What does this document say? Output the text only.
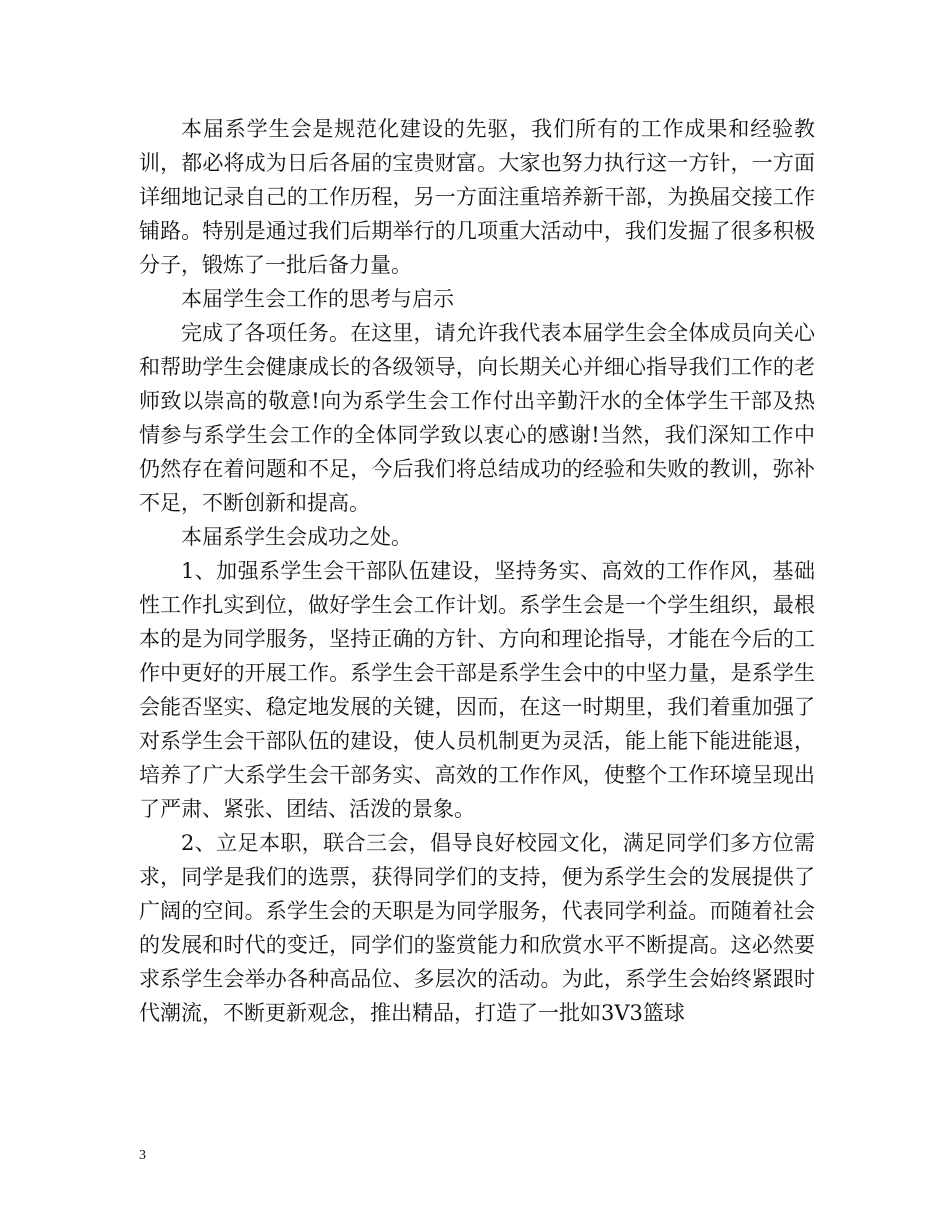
本届系学生会是规范化建设的先驱，我们所有的工作成果和经验教训，都必将成为日后各届的宝贵财富。大家也努力执行这一方针，一方面详细地记录自己的工作历程，另一方面注重培养新干部，为换届交接工作铺路。特别是通过我们后期举行的几项重大活动中，我们发掘了很多积极分子，锻炼了一批后备力量。

本届学生会工作的思考与启示

完成了各项任务。在这里，请允许我代表本届学生会全体成员向关心和帮助学生会健康成长的各级领导，向长期关心并细心指导我们工作的老师致以崇高的敬意!向为系学生会工作付出辛勤汗水的全体学生干部及热情参与系学生会工作的全体同学致以衷心的感谢!当然，我们深知工作中仍然存在着问题和不足，今后我们将总结成功的经验和失败的教训，弥补不足，不断创新和提高。

本届系学生会成功之处。

1、加强系学生会干部队伍建设，坚持务实、高效的工作作风，基础性工作扎实到位，做好学生会工作计划。系学生会是一个学生组织，最根本的是为同学服务，坚持正确的方针、方向和理论指导，才能在今后的工作中更好的开展工作。系学生会干部是系学生会中的中坚力量，是系学生会能否坚实、稳定地发展的关键，因而，在这一时期里，我们着重加强了对系学生会干部队伍的建设，使人员机制更为灵活，能上能下能进能退，培养了广大系学生会干部务实、高效的工作作风，使整个工作环境呈现出了严肃、紧张、团结、活泼的景象。

2、立足本职，联合三会，倡导良好校园文化，满足同学们多方位需求，同学是我们的选票，获得同学们的支持，便为系学生会的发展提供了广阔的空间。系学生会的天职是为同学服务，代表同学利益。而随着社会的发展和时代的变迁，同学们的鉴赏能力和欣赏水平不断提高。这必然要求系学生会举办各种高品位、多层次的活动。为此，系学生会始终紧跟时代潮流，不断更新观念，推出精品，打造了一批如3V3篮球

3
